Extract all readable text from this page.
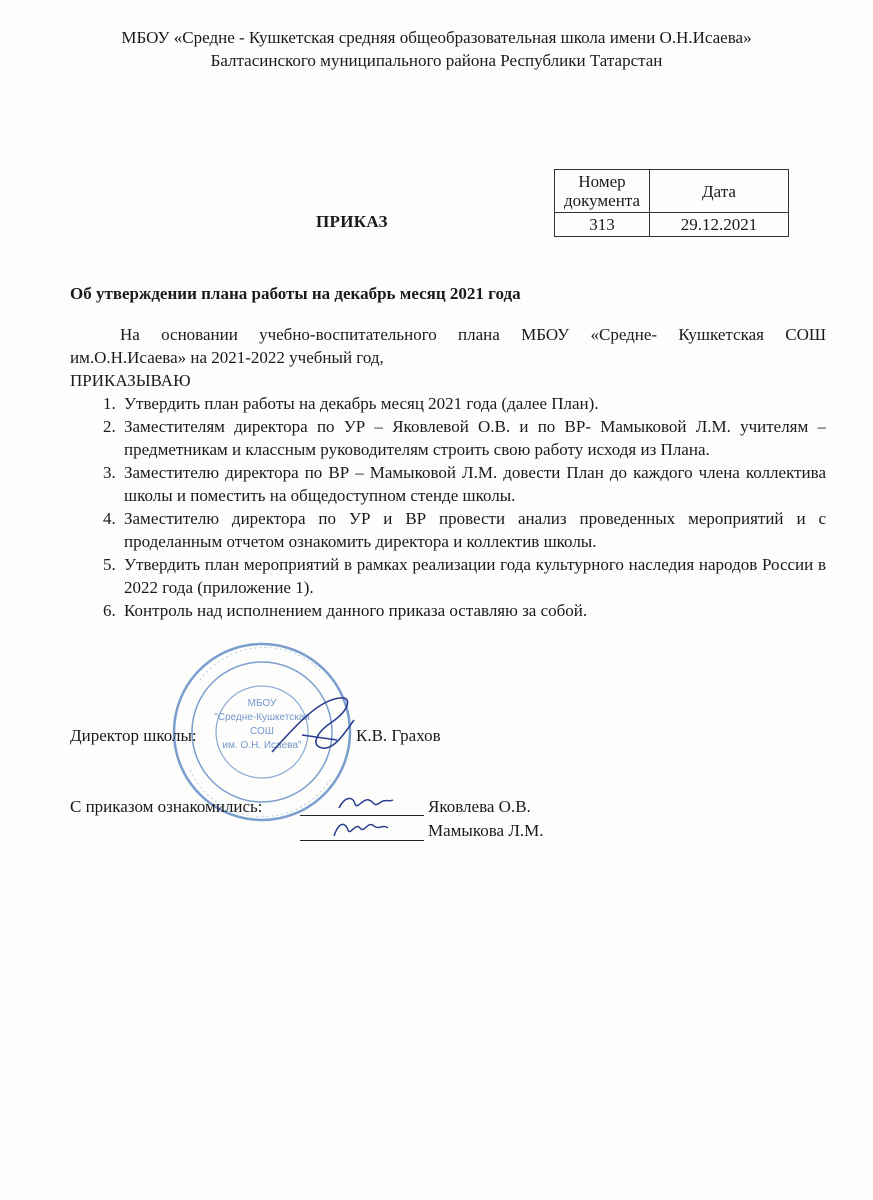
МБОУ «Средне - Кушкетская средняя общеобразовательная школа имени О.Н.Исаева»
Балтасинского муниципального района Республики Татарстан
ПРИКАЗ
Номер документа	Дата
313	29.12.2021
Об утверждении плана работы на декабрь месяц 2021 года

На основании учебно-воспитательного плана МБОУ «Средне- Кушкетская СОШ им.О.Н.Исаева» на 2021-2022 учебный год,

ПРИКАЗЫВАЮ

1. Утвердить план работы на декабрь месяц 2021 года (далее План).
2. Заместителям директора по УР – Яковлевой О.В. и по ВР- Мамыковой Л.М. учителям – предметникам и классным руководителям строить свою работу исходя из Плана.
3. Заместителю директора по ВР – Мамыковой Л.М. довести План до каждого члена коллектива школы и поместить на общедоступном стенде школы.
4. Заместителю директора по УР и ВР провести анализ проведенных мероприятий и с проделанным отчетом ознакомить директора и коллектив школы.
5. Утвердить план мероприятий в рамках реализации года культурного наследия народов России в 2022 года (приложение 1).
6. Контроль над исполнением данного приказа оставляю за собой.
МБОУ
"Средне-Кушкетская
СОШ
им. О.Н. Исаева"
Директор школы:	К.В. Грахов
С приказом ознакомились:	Яковлева О.В.
Мамыкова Л.М.
